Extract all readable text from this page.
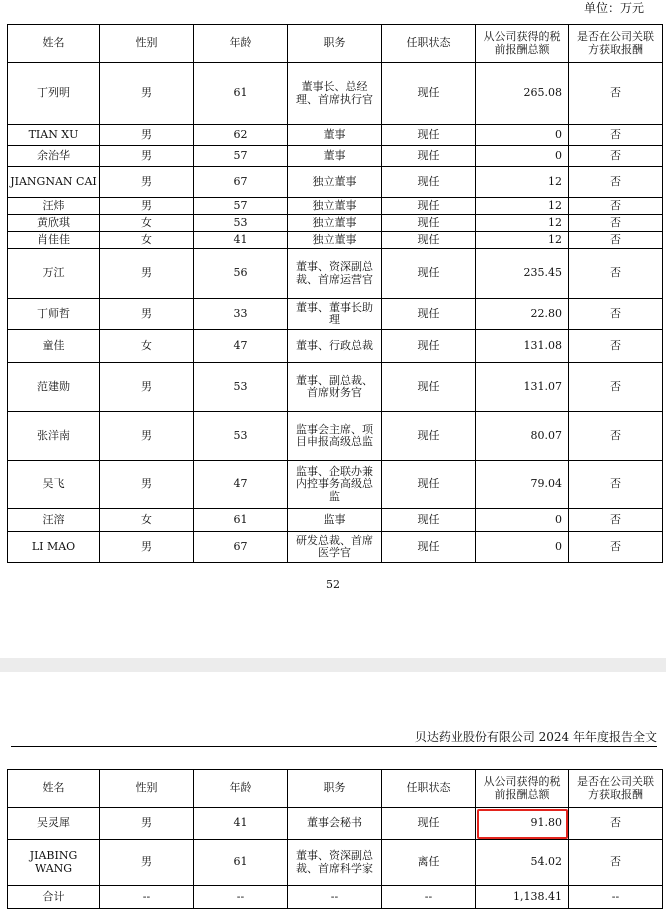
单位：万元
姓名	性别	年龄	职务	任职状态	从公司获得的税前报酬总额	是否在公司关联方获取报酬
丁列明	男	61	董事长、总经理、首席执行官	现任	265.08	否
TIAN XU	男	62	董事	现任	0	否
余治华	男	57	董事	现任	0	否
JIANGNAN CAI	男	67	独立董事	现任	12	否
汪炜	男	57	独立董事	现任	12	否
黄欣琪	女	53	独立董事	现任	12	否
肖佳佳	女	41	独立董事	现任	12	否
万江	男	56	董事、资深副总裁、首席运营官	现任	235.45	否
丁师哲	男	33	董事、董事长助理	现任	22.80	否
童佳	女	47	董事、行政总裁	现任	131.08	否
范建勋	男	53	董事、副总裁、首席财务官	现任	131.07	否
张洋南	男	53	监事会主席、项目申报高级总监	现任	80.07	否
吴飞	男	47	监事、企联办兼内控事务高级总监	现任	79.04	否
汪溶	女	61	监事	现任	0	否
LI MAO	男	67	研发总裁、首席医学官	现任	0	否
52
贝达药业股份有限公司 2024 年年度报告全文
姓名	性别	年龄	职务	任职状态	从公司获得的税前报酬总额	是否在公司关联方获取报酬
吴灵犀	男	41	董事会秘书	现任	91.80	否
JIABING WANG	男	61	董事、资深副总裁、首席科学家	离任	54.02	否
合计	--	--	--	--	1,138.41	--
